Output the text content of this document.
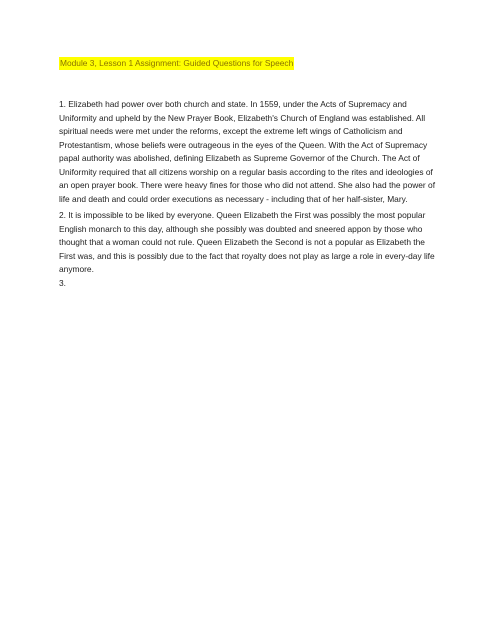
Module 3, Lesson 1 Assignment: Guided Questions for Speech
1. Elizabeth had power over both church and state. In 1559, under the Acts of Supremacy and Uniformity and upheld by the New Prayer Book, Elizabeth's Church of England was established. All spiritual needs were met under the reforms, except the extreme left wings of Catholicism and Protestantism, whose beliefs were outrageous in the eyes of the Queen. With the Act of Supremacy papal authority was abolished, defining Elizabeth as Supreme Governor of the Church. The Act of Uniformity required that all citizens worship on a regular basis according to the rites and ideologies of an open prayer book. There were heavy fines for those who did not attend. She also had the power of life and death and could order executions as necessary - including that of her half-sister, Mary.
2. It is impossible to be liked by everyone. Queen Elizabeth the First was possibly the most popular English monarch to this day, although she possibly was doubted and sneered appon by those who thought that a woman could not rule. Queen Elizabeth the Second is not a popular as Elizabeth the First was, and this is possibly due to the fact that royalty does not play as large a role in every-day life anymore.
3.
